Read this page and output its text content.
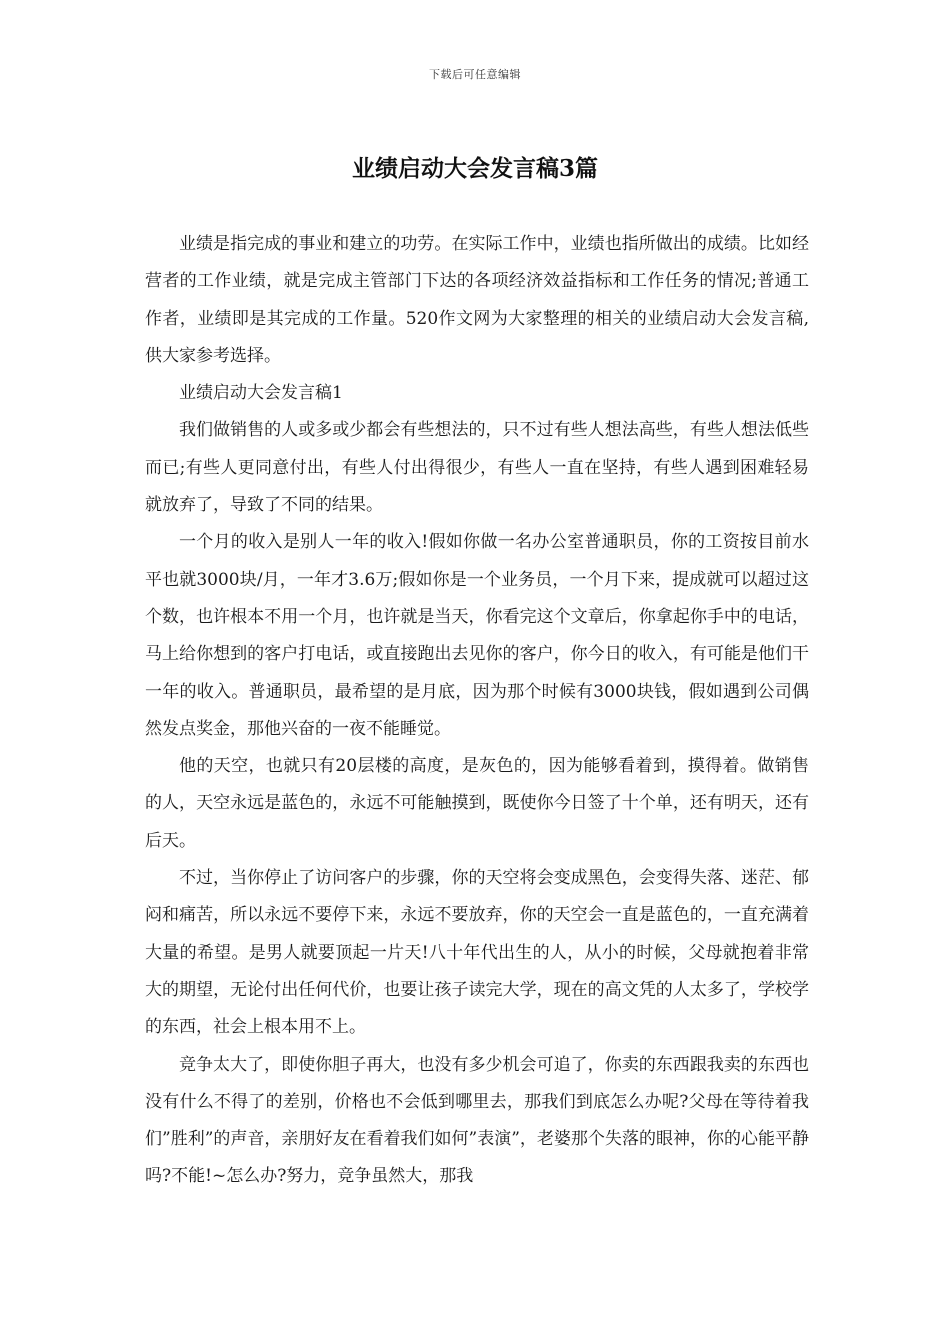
下载后可任意编辑
业绩启动大会发言稿3篇

业绩是指完成的事业和建立的功劳。在实际工作中，业绩也指所做出的成绩。比如经营者的工作业绩，就是完成主管部门下达的各项经济效益指标和工作任务的情况;普通工作者，业绩即是其完成的工作量。520作文网为大家整理的相关的业绩启动大会发言稿,供大家参考选择。

业绩启动大会发言稿1

我们做销售的人或多或少都会有些想法的，只不过有些人想法高些，有些人想法低些而已;有些人更同意付出，有些人付出得很少，有些人一直在坚持，有些人遇到困难轻易就放弃了，导致了不同的结果。

一个月的收入是别人一年的收入!假如你做一名办公室普通职员，你的工资按目前水平也就3000块/月，一年才3.6万;假如你是一个业务员，一个月下来，提成就可以超过这个数，也许根本不用一个月，也许就是当天，你看完这个文章后，你拿起你手中的电话，马上给你想到的客户打电话，或直接跑出去见你的客户，你今日的收入，有可能是他们干一年的收入。普通职员，最希望的是月底，因为那个时候有3000块钱，假如遇到公司偶然发点奖金，那他兴奋的一夜不能睡觉。

他的天空，也就只有20层楼的高度，是灰色的，因为能够看着到，摸得着。做销售的人，天空永远是蓝色的，永远不可能触摸到，既使你今日签了十个单，还有明天，还有后天。

不过，当你停止了访问客户的步骤，你的天空将会变成黑色，会变得失落、迷茫、郁闷和痛苦，所以永远不要停下来，永远不要放弃，你的天空会一直是蓝色的，一直充满着大量的希望。是男人就要顶起一片天!八十年代出生的人，从小的时候，父母就抱着非常大的期望，无论付出任何代价，也要让孩子读完大学，现在的高文凭的人太多了，学校学的东西，社会上根本用不上。

竞争太大了，即使你胆子再大，也没有多少机会可追了，你卖的东西跟我卖的东西也没有什么不得了的差别，价格也不会低到哪里去，那我们到底怎么办呢?父母在等待着我们”胜利”的声音，亲朋好友在看着我们如何”表演”，老婆那个失落的眼神，你的心能平静吗?不能!~怎么办?努力，竞争虽然大，那我
